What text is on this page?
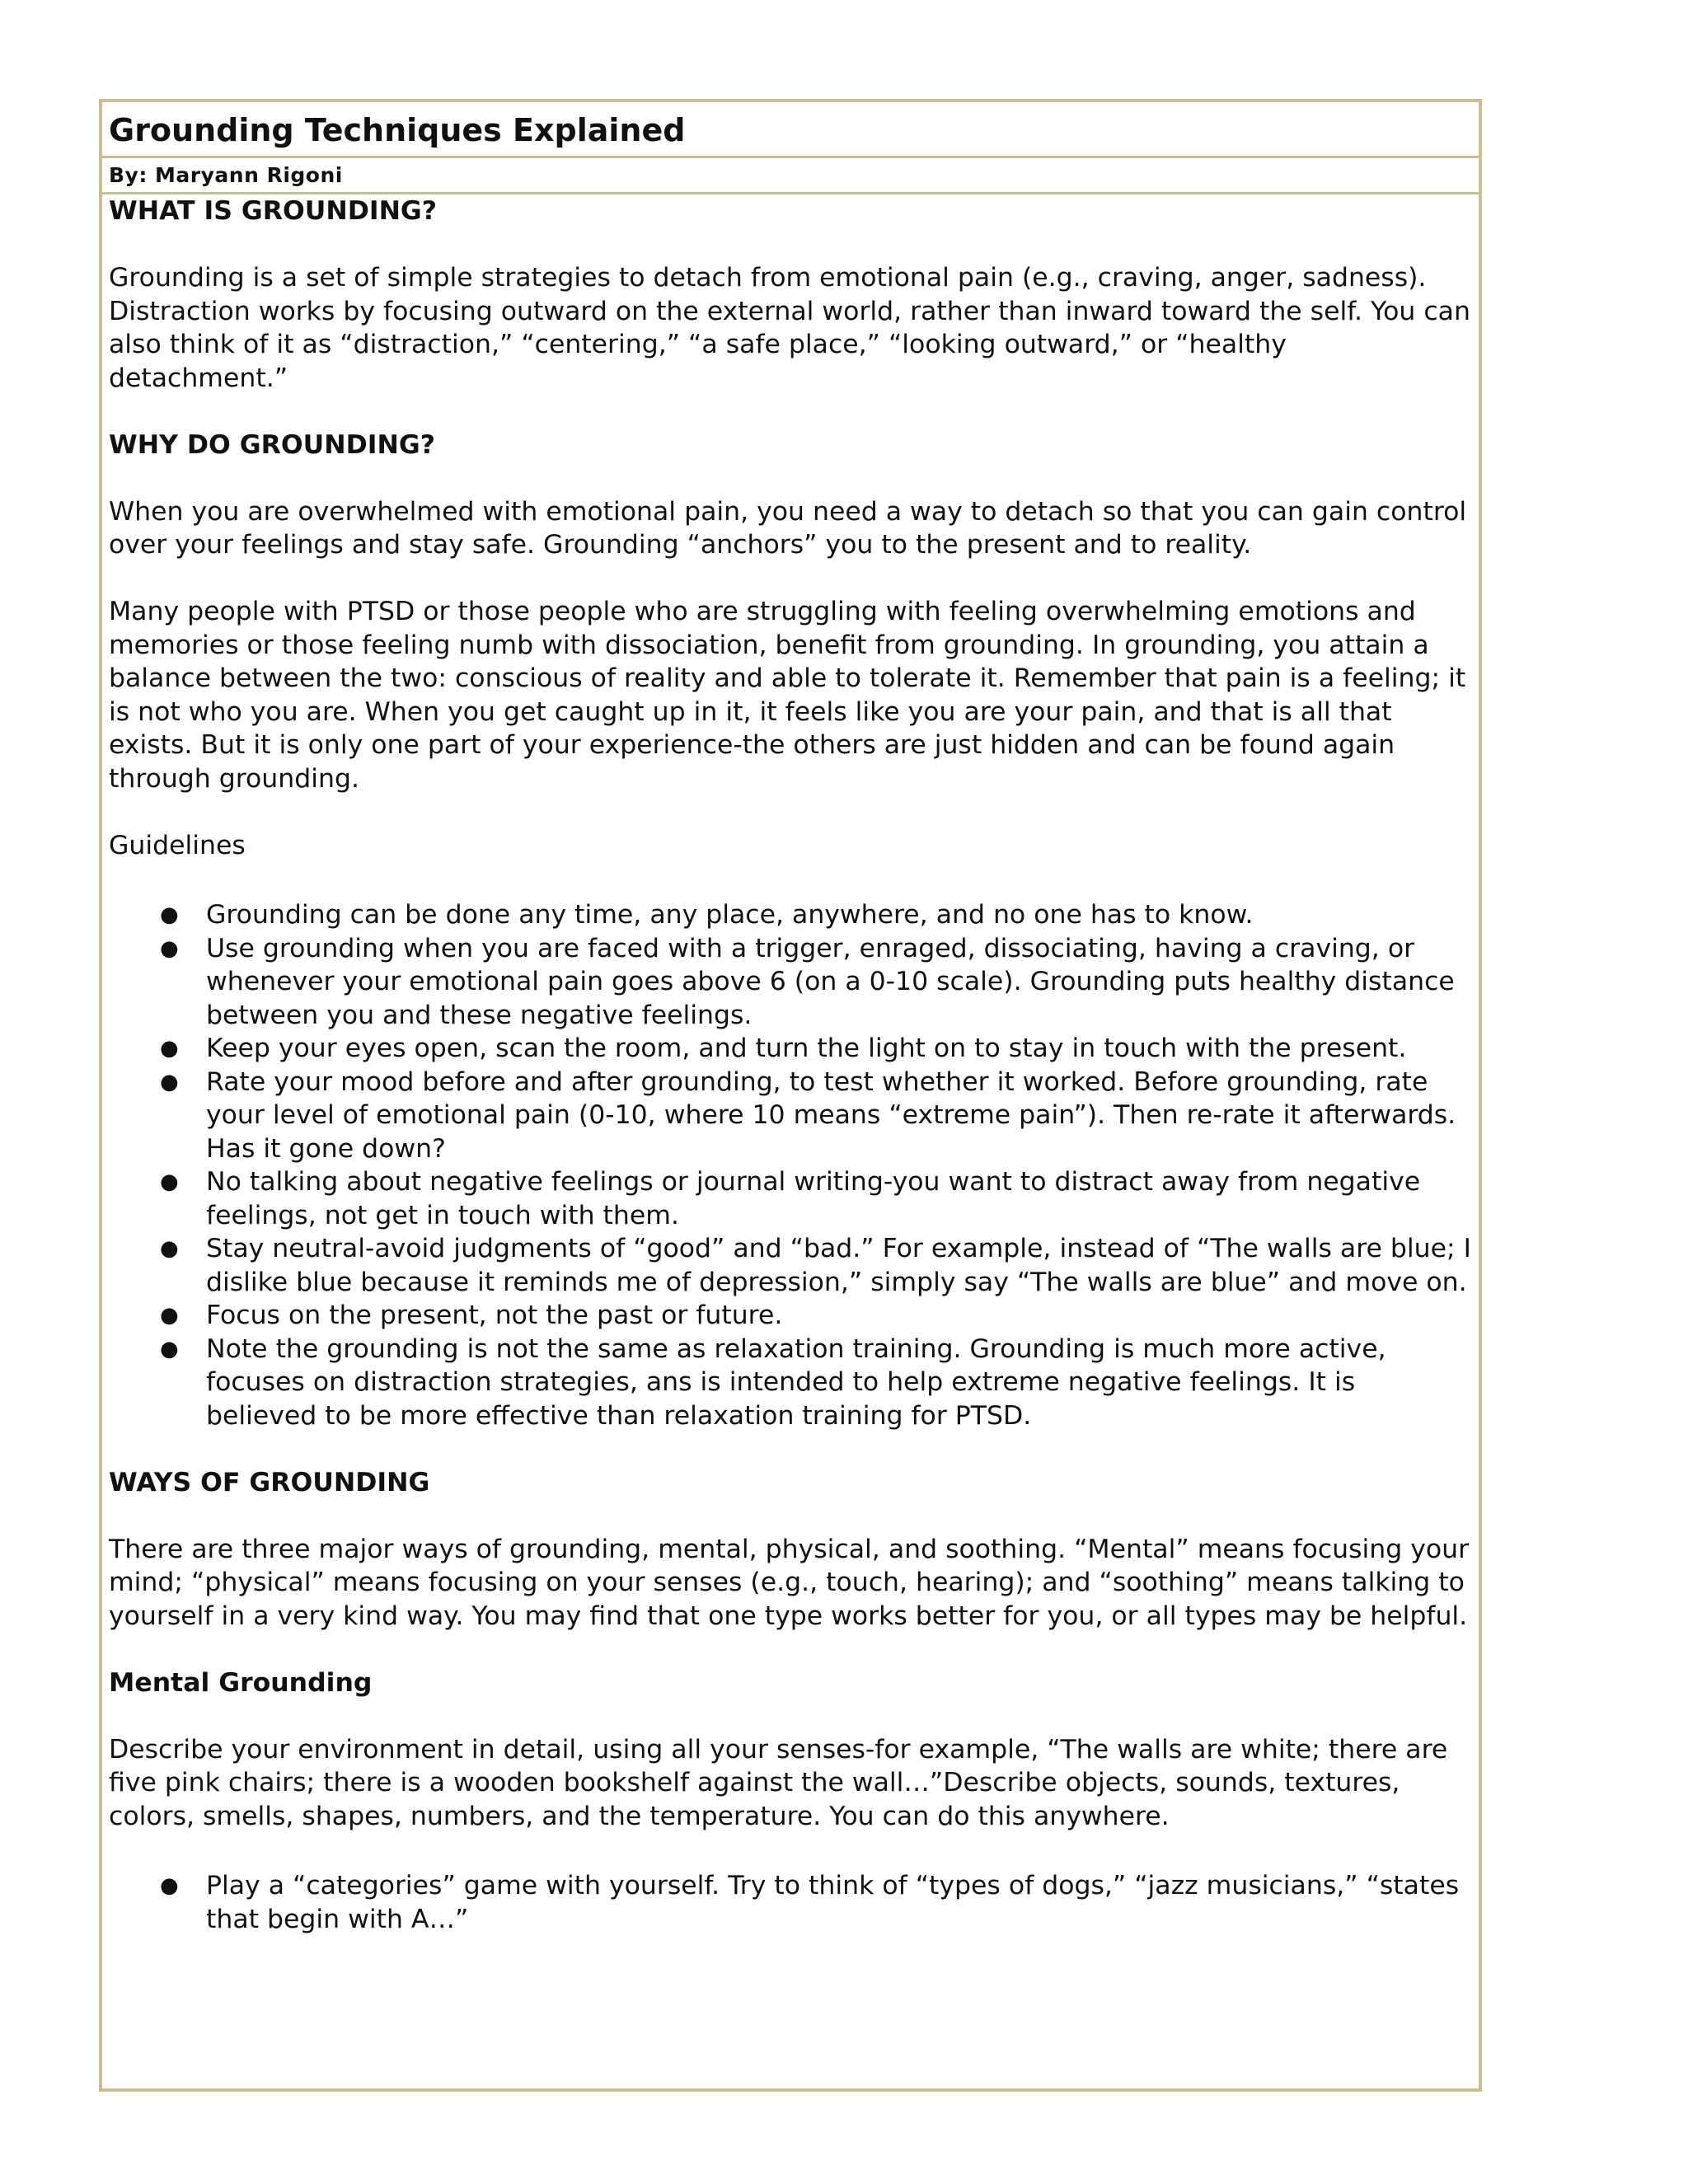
Grounding Techniques Explained

By: Maryann Rigoni

WHAT IS GROUNDING?

Grounding is a set of simple strategies to detach from emotional pain (e.g., craving, anger, sadness). Distraction works by focusing outward on the external world, rather than inward toward the self. You can also think of it as “distraction,” “centering,” “a safe place,” “looking outward,” or “healthy detachment.”

WHY DO GROUNDING?

When you are overwhelmed with emotional pain, you need a way to detach so that you can gain control over your feelings and stay safe. Grounding “anchors” you to the present and to reality.

Many people with PTSD or those people who are struggling with feeling overwhelming emotions and memories or those feeling numb with dissociation, benefit from grounding. In grounding, you attain a balance between the two: conscious of reality and able to tolerate it. Remember that pain is a feeling; it is not who you are. When you get caught up in it, it feels like you are your pain, and that is all that exists. But it is only one part of your experience-the others are just hidden and can be found again through grounding.

Guidelines

● Grounding can be done any time, any place, anywhere, and no one has to know.
● Use grounding when you are faced with a trigger, enraged, dissociating, having a craving, or whenever your emotional pain goes above 6 (on a 0-10 scale). Grounding puts healthy distance between you and these negative feelings.
● Keep your eyes open, scan the room, and turn the light on to stay in touch with the present.
● Rate your mood before and after grounding, to test whether it worked. Before grounding, rate your level of emotional pain (0-10, where 10 means “extreme pain”). Then re-rate it afterwards. Has it gone down?
● No talking about negative feelings or journal writing-you want to distract away from negative feelings, not get in touch with them.
● Stay neutral-avoid judgments of “good” and “bad.” For example, instead of “The walls are blue; I dislike blue because it reminds me of depression,” simply say “The walls are blue” and move on.
● Focus on the present, not the past or future.
● Note the grounding is not the same as relaxation training. Grounding is much more active, focuses on distraction strategies, ans is intended to help extreme negative feelings. It is believed to be more effective than relaxation training for PTSD.

WAYS OF GROUNDING

There are three major ways of grounding, mental, physical, and soothing. “Mental” means focusing your mind; “physical” means focusing on your senses (e.g., touch, hearing); and “soothing” means talking to yourself in a very kind way. You may find that one type works better for you, or all types may be helpful.

Mental Grounding

Describe your environment in detail, using all your senses-for example, “The walls are white; there are five pink chairs; there is a wooden bookshelf against the wall…”Describe objects, sounds, textures, colors, smells, shapes, numbers, and the temperature. You can do this anywhere.

● Play a “categories” game with yourself. Try to think of “types of dogs,” “jazz musicians,” “states that begin with A…”
